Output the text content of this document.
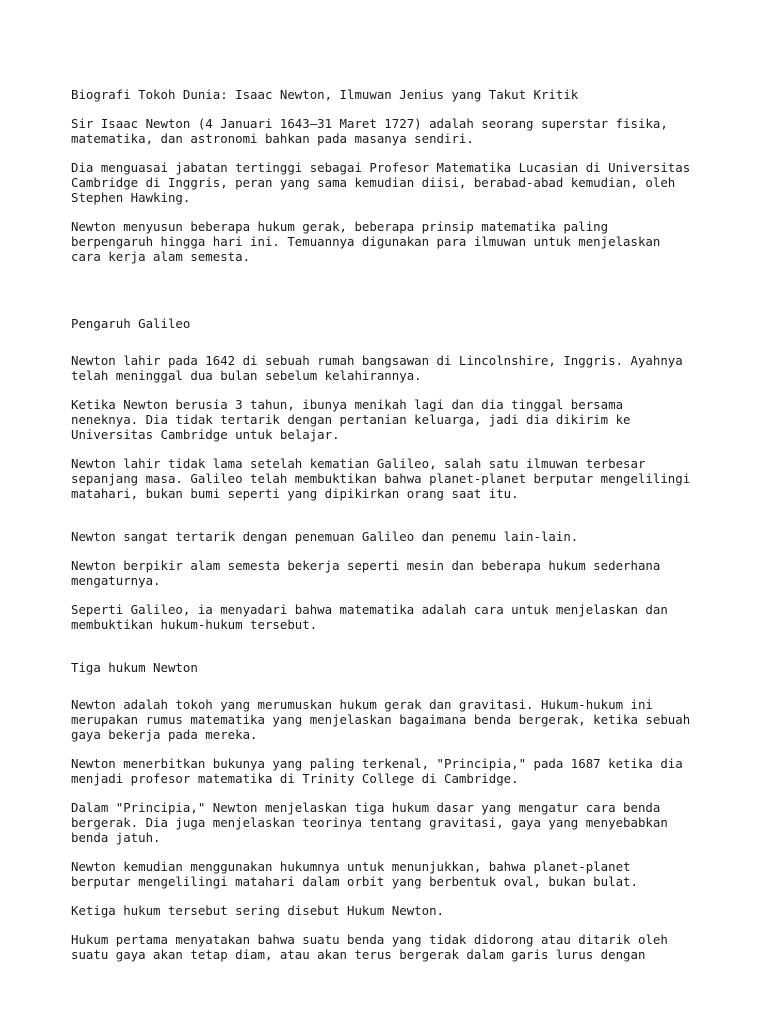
Biografi Tokoh Dunia: Isaac Newton, Ilmuwan Jenius yang Takut Kritik

Sir Isaac Newton (4 Januari 1643–31 Maret 1727) adalah seorang superstar fisika,
matematika, dan astronomi bahkan pada masanya sendiri.

Dia menguasai jabatan tertinggi sebagai Profesor Matematika Lucasian di Universitas
Cambridge di Inggris, peran yang sama kemudian diisi, berabad-abad kemudian, oleh
Stephen Hawking.

Newton menyusun beberapa hukum gerak, beberapa prinsip matematika paling
berpengaruh hingga hari ini. Temuannya digunakan para ilmuwan untuk menjelaskan
cara kerja alam semesta.

Pengaruh Galileo

Newton lahir pada 1642 di sebuah rumah bangsawan di Lincolnshire, Inggris. Ayahnya
telah meninggal dua bulan sebelum kelahirannya.

Ketika Newton berusia 3 tahun, ibunya menikah lagi dan dia tinggal bersama
neneknya. Dia tidak tertarik dengan pertanian keluarga, jadi dia dikirim ke
Universitas Cambridge untuk belajar.

Newton lahir tidak lama setelah kematian Galileo, salah satu ilmuwan terbesar
sepanjang masa. Galileo telah membuktikan bahwa planet-planet berputar mengelilingi
matahari, bukan bumi seperti yang dipikirkan orang saat itu.

Newton sangat tertarik dengan penemuan Galileo dan penemu lain-lain.

Newton berpikir alam semesta bekerja seperti mesin dan beberapa hukum sederhana
mengaturnya.

Seperti Galileo, ia menyadari bahwa matematika adalah cara untuk menjelaskan dan
membuktikan hukum-hukum tersebut.

Tiga hukum Newton

Newton adalah tokoh yang merumuskan hukum gerak dan gravitasi. Hukum-hukum ini
merupakan rumus matematika yang menjelaskan bagaimana benda bergerak, ketika sebuah
gaya bekerja pada mereka.

Newton menerbitkan bukunya yang paling terkenal, "Principia," pada 1687 ketika dia
menjadi profesor matematika di Trinity College di Cambridge.

Dalam "Principia," Newton menjelaskan tiga hukum dasar yang mengatur cara benda
bergerak. Dia juga menjelaskan teorinya tentang gravitasi, gaya yang menyebabkan
benda jatuh.

Newton kemudian menggunakan hukumnya untuk menunjukkan, bahwa planet-planet
berputar mengelilingi matahari dalam orbit yang berbentuk oval, bukan bulat.

Ketiga hukum tersebut sering disebut Hukum Newton.

Hukum pertama menyatakan bahwa suatu benda yang tidak didorong atau ditarik oleh
suatu gaya akan tetap diam, atau akan terus bergerak dalam garis lurus dengan
